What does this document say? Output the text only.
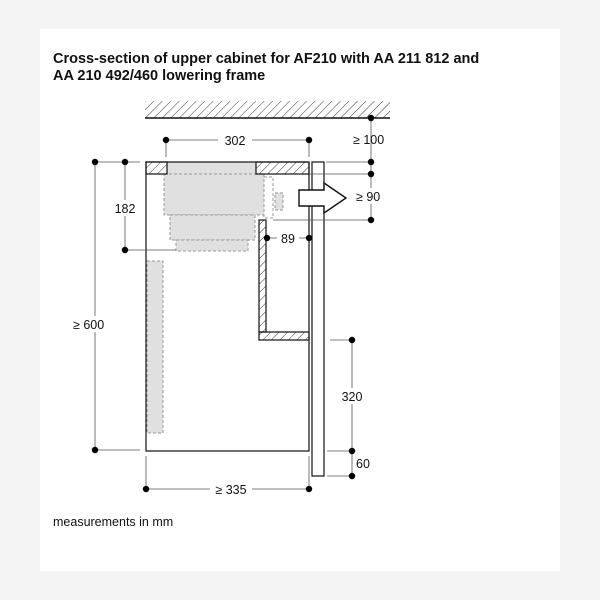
Cross-section of upper cabinet for AF210 with AA 211 812 and
AA 210 492/460 lowering frame
302	≥ 100
≥ 90
182
≥ 600
89
320
60
≥ 335
measurements in mm
